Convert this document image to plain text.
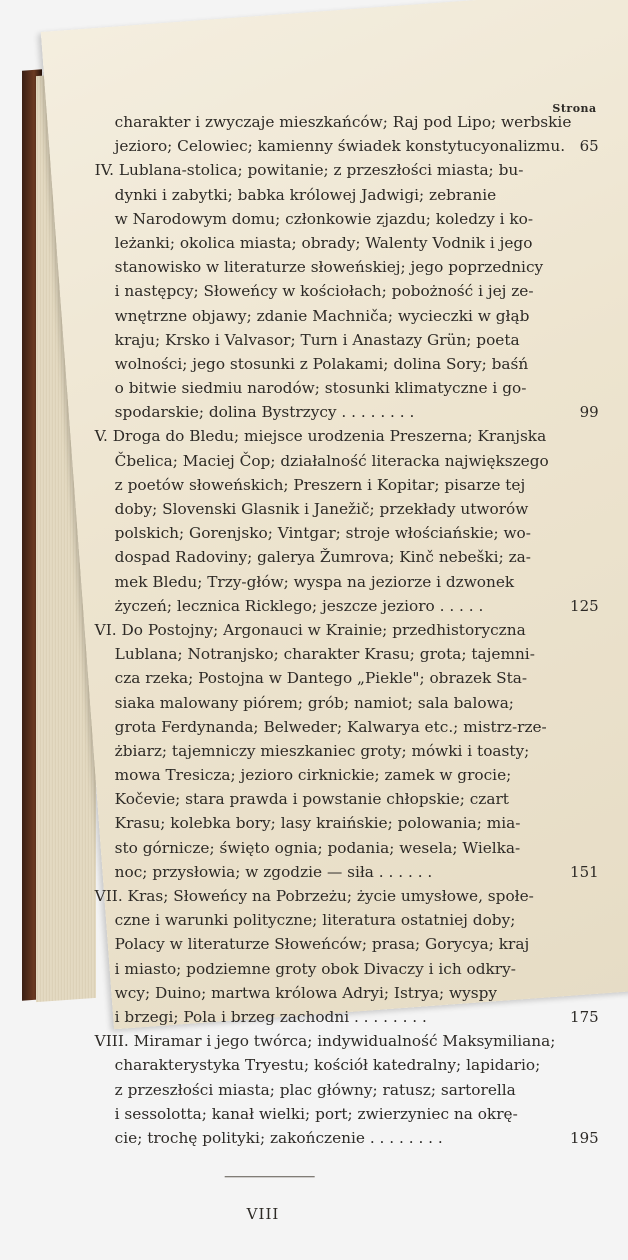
Strona
charakter i zwyczaje mieszkańców; Raj pod Lipo; werbskie
jezioro; Celowiec; kamienny świadek konstytucyonalizmu. 65
IV. Lublana-stolica; powitanie; z przeszłości miasta; bu-
dynki i zabytki; babka królowej Jadwigi; zebranie
w Narodowym domu; członkowie zjazdu; koledzy i ko-
leżanki; okolica miasta; obrady; Walenty Vodnik i jego
stanowisko w literaturze słoweńskiej; jego poprzednicy
i następcy; Słoweńcy w kościołach; pobożność i jej ze-
wnętrzne objawy; zdanie Machniča; wycieczki w głąb
kraju; Krsko i Valvasor; Turn i Anastazy Grün; poeta
wolności; jego stosunki z Polakami; dolina Sory; baśń
o bitwie siedmiu narodów; stosunki klimatyczne i go-
spodarskie; dolina Bystrzycy . . . . . . . .	99
V. Droga do Bledu; miejsce urodzenia Preszerna; Kranjska
Čbelica; Maciej Čop; działalność literacka największego
z poetów słoweńskich; Preszern i Kopitar; pisarze tej
doby; Slovenski Glasnik i Janežič; przekłady utworów
polskich; Gorenjsko; Vintgar; stroje włościańskie; wo-
dospad Radoviny; galerya Žumrova; Kinč nebeški; za-
mek Bledu; Trzy-głów; wyspa na jeziorze i dzwonek
życzeń; lecznica Ricklego; jeszcze jezioro . . . . .	125
VI. Do Postojny; Argonauci w Krainie; przedhistoryczna
Lublana; Notranjsko; charakter Krasu; grota; tajemni-
cza rzeka; Postojna w Dantego „Piekle"; obrazek Sta-
siaka malowany piórem; grób; namiot; sala balowa;
grota Ferdynanda; Belweder; Kalwarya etc.; mistrz-rze-
żbiarz; tajemniczy mieszkaniec groty; mówki i toasty;
mowa Tresicza; jezioro cirknickie; zamek w grocie;
Kočevie; stara prawda i powstanie chłopskie; czart
Krasu; kolebka bory; lasy kraińskie; polowania; mia-
sto górnicze; święto ognia; podania; wesela; Wielka-
noc; przysłowia; w zgodzie — siła . . . . . .	151
VII. Kras; Słoweńcy na Pobrzeżu; życie umysłowe, społe-
czne i warunki polityczne; literatura ostatniej doby;
Polacy w literaturze Słoweńców; prasa; Gorycya; kraj
i miasto; podziemne groty obok Divaczy i ich odkry-
wcy; Duino; martwa królowa Adryi; Istrya; wyspy
i brzegi; Pola i brzeg zachodni . . . . . . . .	175
VIII. Miramar i jego twórca; indywidualność Maksymiliana;
charakterystyka Tryestu; kościół katedralny; lapidario;
z przeszłości miasta; plac główny; ratusz; sartorella
i sessolotta; kanał wielki; port; zwierzyniec na okrę-
cie; trochę polityki; zakończenie . . . . . . . .	195
VIII
